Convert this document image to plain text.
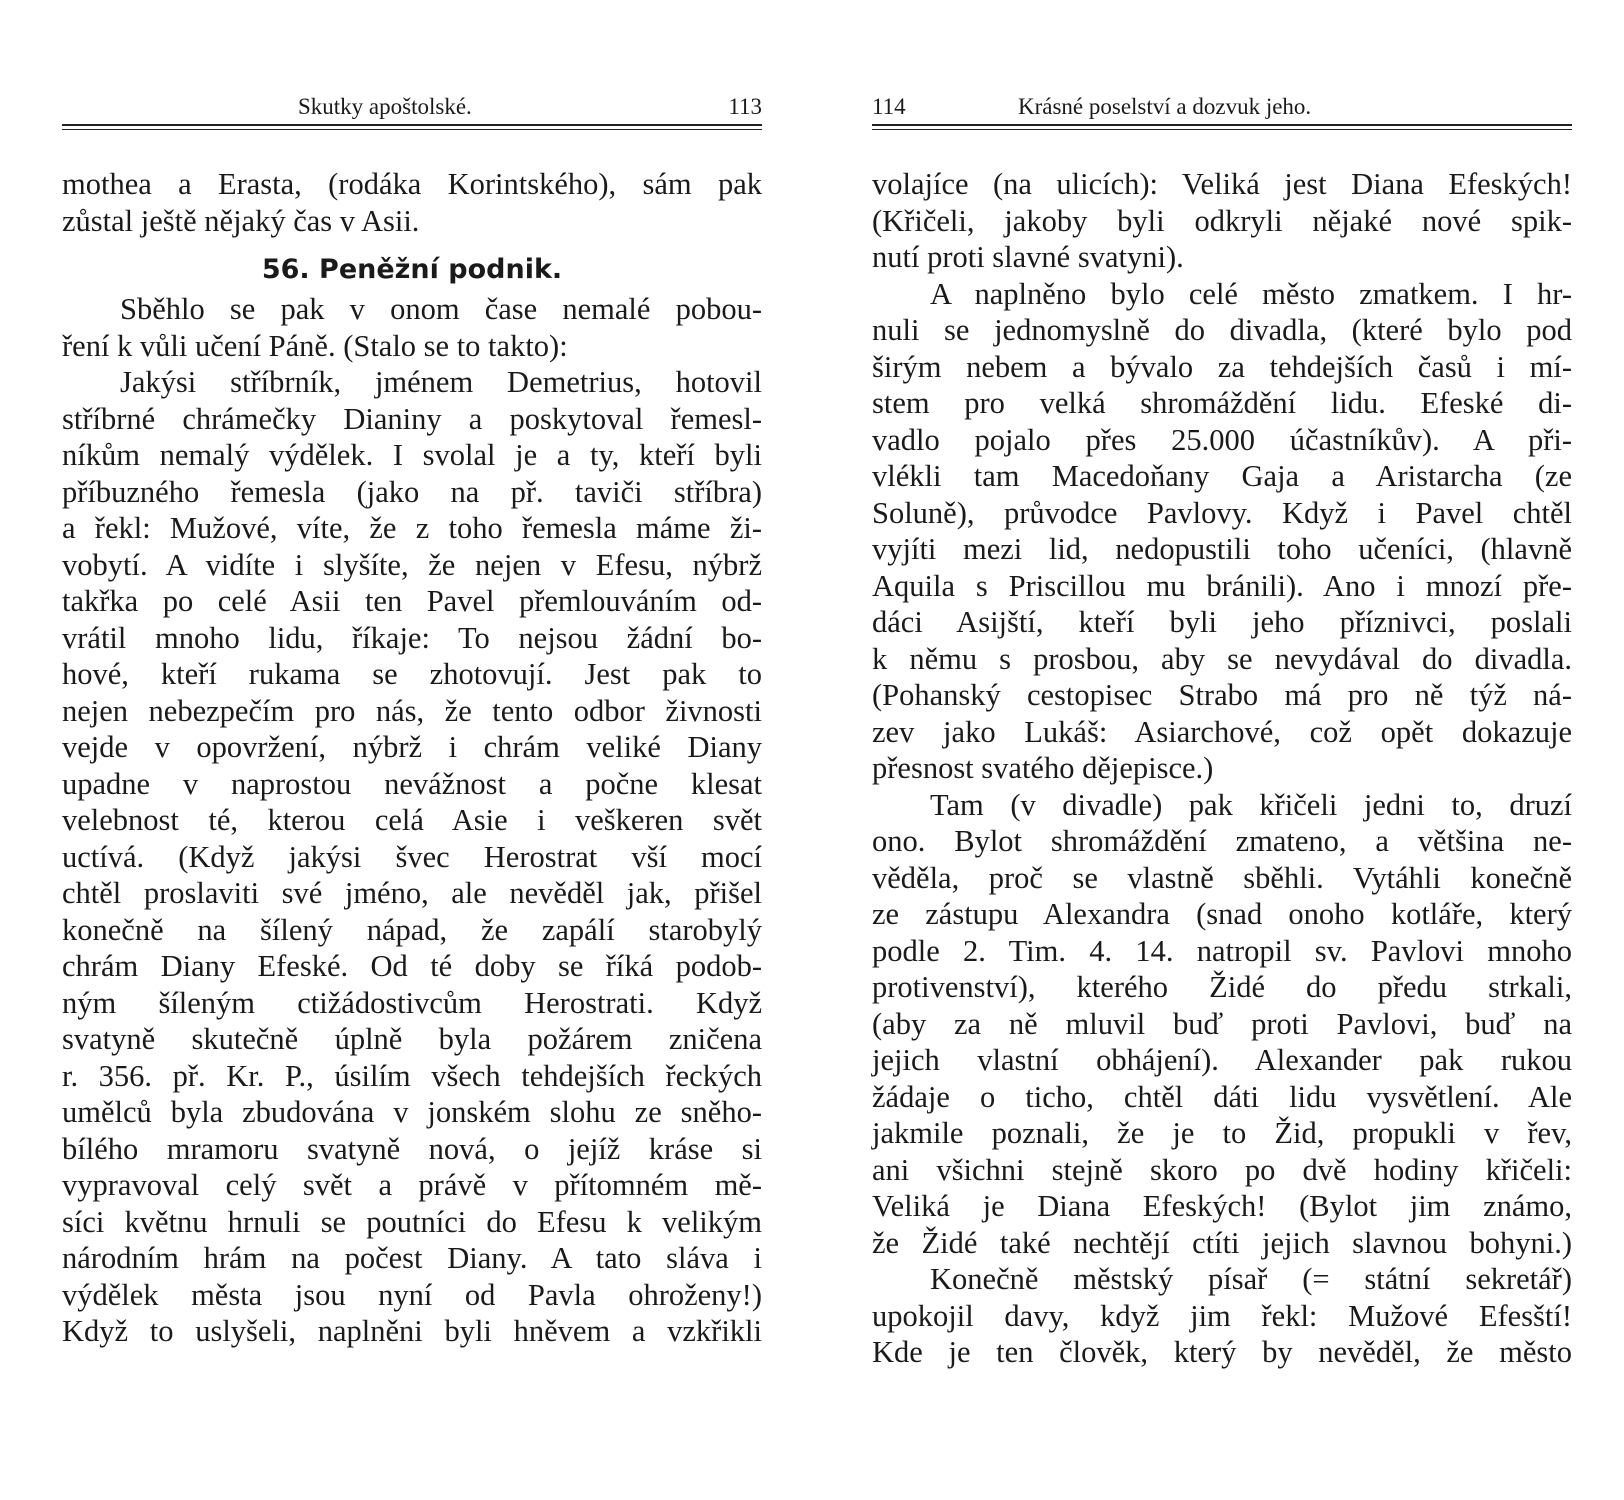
Skutky apoštolské.	113
mothea a Erasta, (rodáka Korintského), sám pak
zůstal ještě nějaký čas v Asii.
56. Peněžní podnik.
Sběhlo se pak v onom čase nemalé pobou-
ření k vůli učení Páně. (Stalo se to takto):
Jakýsi stříbrník, jménem Demetrius, hotovil
stříbrné chrámečky Dianiny a poskytoval řemesl-
níkům nemalý výdělek. I svolal je a ty, kteří byli
příbuzného řemesla (jako na př. taviči stříbra)
a řekl: Mužové, víte, že z toho řemesla máme ži-
vobytí. A vidíte i slyšíte, že nejen v Efesu, nýbrž
takřka po celé Asii ten Pavel přemlouváním od-
vrátil mnoho lidu, říkaje: To nejsou žádní bo-
hové, kteří rukama se zhotovují. Jest pak to
nejen nebezpečím pro nás, že tento odbor živnosti
vejde v opovržení, nýbrž i chrám veliké Diany
upadne v naprostou nevážnost a počne klesat
velebnost té, kterou celá Asie i veškeren svět
uctívá. (Když jakýsi švec Herostrat vší mocí
chtěl proslaviti své jméno, ale nevěděl jak, přišel
konečně na šílený nápad, že zapálí starobylý
chrám Diany Efeské. Od té doby se říká podob-
ným šíleným ctižádostivcům Herostrati. Když
svatyně skutečně úplně byla požárem zničena
r. 356. př. Kr. P., úsilím všech tehdejších řeckých
umělců byla zbudována v jonském slohu ze sněho-
bílého mramoru svatyně nová, o jejíž kráse si
vypravoval celý svět a právě v přítomném mě-
síci květnu hrnuli se poutníci do Efesu k velikým
národním hrám na počest Diany. A tato sláva i
výdělek města jsou nyní od Pavla ohroženy!)
Když to uslyšeli, naplněni byli hněvem a vzkřikli
114	Krásné poselství a dozvuk jeho.
volajíce (na ulicích): Veliká jest Diana Efeských!
(Křičeli, jakoby byli odkryli nějaké nové spik-
nutí proti slavné svatyni).
A naplněno bylo celé město zmatkem. I hr-
nuli se jednomyslně do divadla, (které bylo pod
širým nebem a bývalo za tehdejších časů i mí-
stem pro velká shromáždění lidu. Efeské di-
vadlo pojalo přes 25.000 účastníkův). A při-
vlékli tam Macedoňany Gaja a Aristarcha (ze
Soluně), průvodce Pavlovy. Když i Pavel chtěl
vyjíti mezi lid, nedopustili toho učeníci, (hlavně
Aquila s Priscillou mu bránili). Ano i mnozí pře-
dáci Asijští, kteří byli jeho příznivci, poslali
k němu s prosbou, aby se nevydával do divadla.
(Pohanský cestopisec Strabo má pro ně týž ná-
zev jako Lukáš: Asiarchové, což opět dokazuje
přesnost svatého dějepisce.)
Tam (v divadle) pak křičeli jedni to, druzí
ono. Bylot shromáždění zmateno, a většina ne-
věděla, proč se vlastně sběhli. Vytáhli konečně
ze zástupu Alexandra (snad onoho kotláře, který
podle 2. Tim. 4. 14. natropil sv. Pavlovi mnoho
protivenství), kterého Židé do předu strkali,
(aby za ně mluvil buď proti Pavlovi, buď na
jejich vlastní obhájení). Alexander pak rukou
žádaje o ticho, chtěl dáti lidu vysvětlení. Ale
jakmile poznali, že je to Žid, propukli v řev,
ani všichni stejně skoro po dvě hodiny křičeli:
Veliká je Diana Efeských! (Bylot jim známo,
že Židé také nechtějí ctíti jejich slavnou bohyni.)
Konečně městský písař (= státní sekretář)
upokojil davy, když jim řekl: Mužové Efesští!
Kde je ten člověk, který by nevěděl, že město
